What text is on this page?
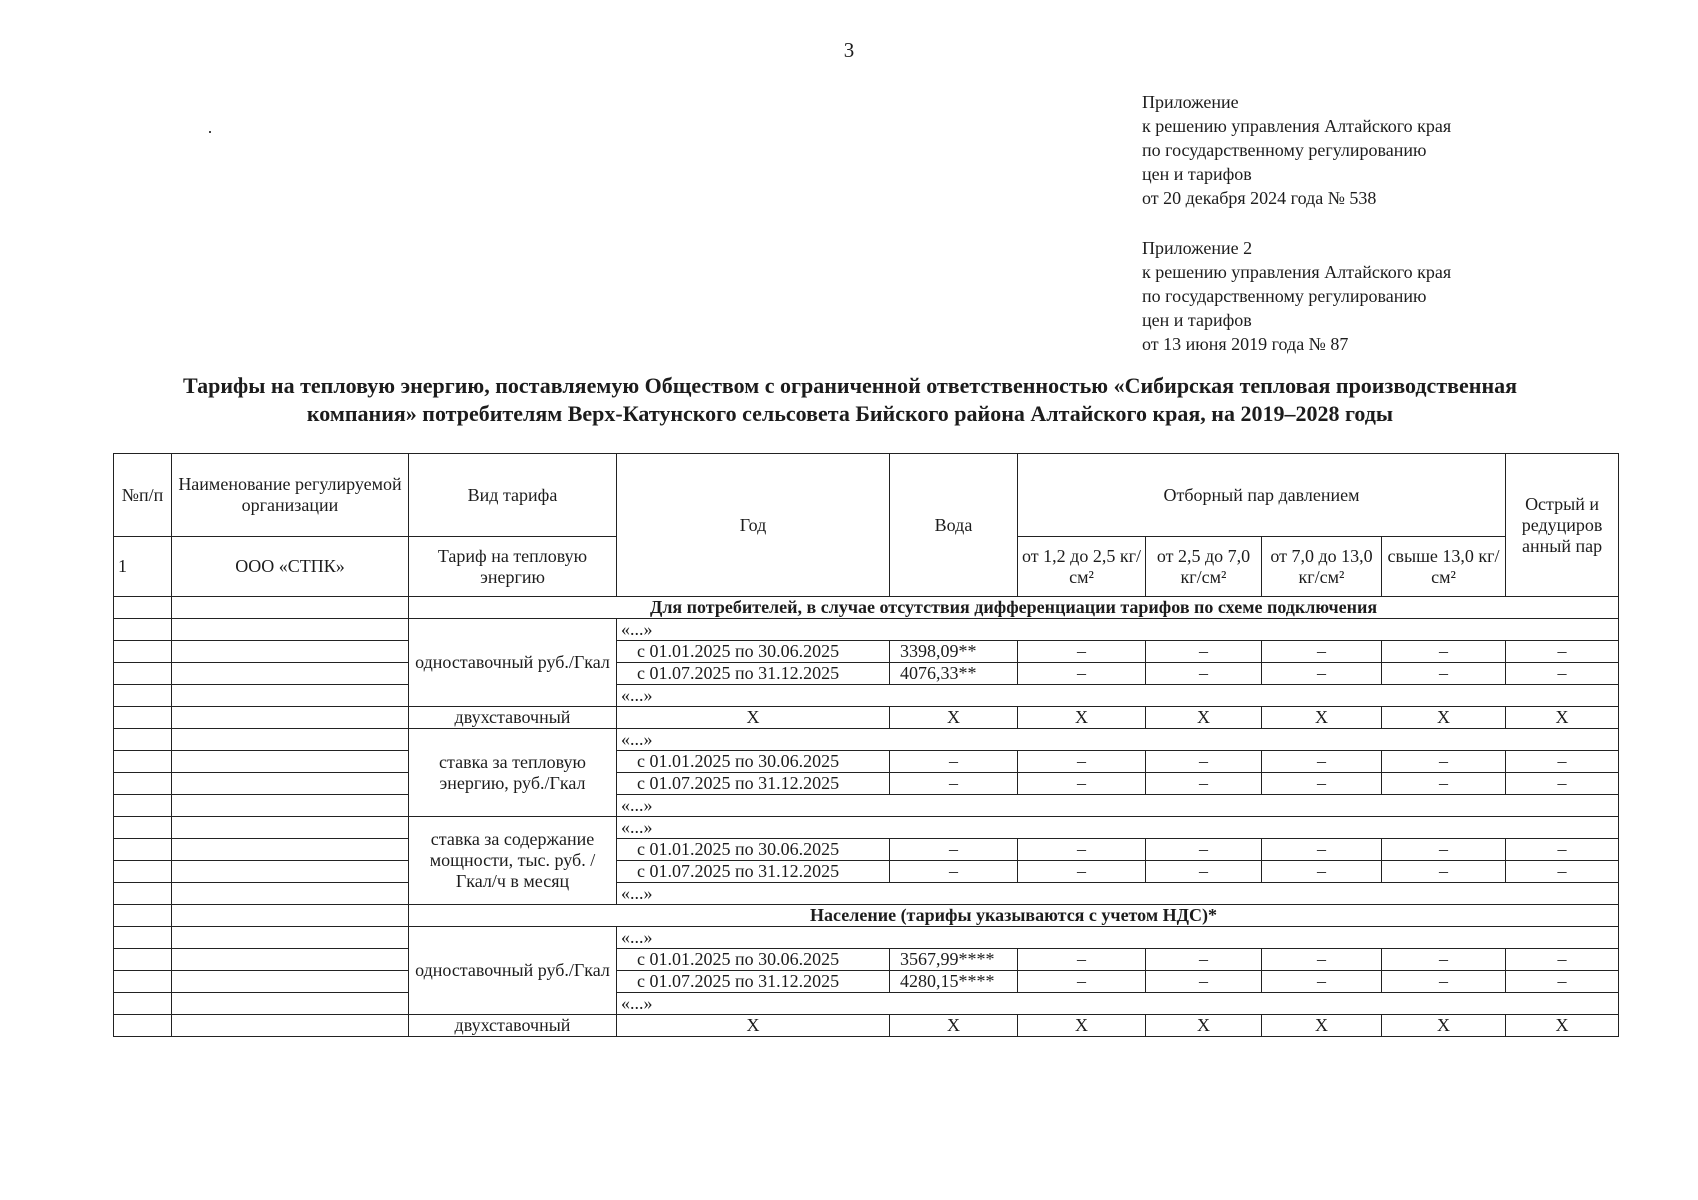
3
Приложение
к решению управления Алтайского края
по государственному регулированию
цен и тарифов
от 20 декабря 2024 года № 538
Приложение 2
к решению управления Алтайского края
по государственному регулированию
цен и тарифов
от 13 июня 2019 года № 87
Тарифы на тепловую энергию, поставляемую Обществом с ограниченной ответственностью «Сибирская тепловая производственная
компания» потребителям Верх-Катунского сельсовета Бийского района Алтайского края, на 2019–2028 годы
№п/п	Наименование регулируемой организации	Вид тарифа	Год	Вода	Отборный пар давлением				Острый и редуциров анный пар
1	ООО «СТПК»	Тариф на тепловую энергию			от 1,2 до 2,5 кг/см²	от 2,5 до 7,0 кг/см²	от 7,0 до 13,0 кг/см²	свыше 13,0 кг/см²	
		Для потребителей, в случае отсутствия дифференциации тарифов по схеме подключения							
		одноставочный руб./Гкал	«...»						
			с 01.01.2025 по 30.06.2025	3398,09**	–	–	–	–	–
			с 01.07.2025 по 31.12.2025	4076,33**	–	–	–	–	–
			«...»						
		двухставочный	X	X	X	X	X	X	X
		ставка за тепловую энергию, руб./Гкал	«...»						
			с 01.01.2025 по 30.06.2025	–	–	–	–	–	–
			с 01.07.2025 по 31.12.2025	–	–	–	–	–	–
			«...»						
		ставка за содержание мощности, тыс. руб. /Гкал/ч в месяц	«...»						
			с 01.01.2025 по 30.06.2025	–	–	–	–	–	–
			с 01.07.2025 по 31.12.2025	–	–	–	–	–	–
			«...»						
		Население (тарифы указываются с учетом НДС)*							
		одноставочный руб./Гкал	«...»						
			с 01.01.2025 по 30.06.2025	3567,99****	–	–	–	–	–
			с 01.07.2025 по 31.12.2025	4280,15****	–	–	–	–	–
			«...»						
		двухставочный	X	X	X	X	X	X	X
